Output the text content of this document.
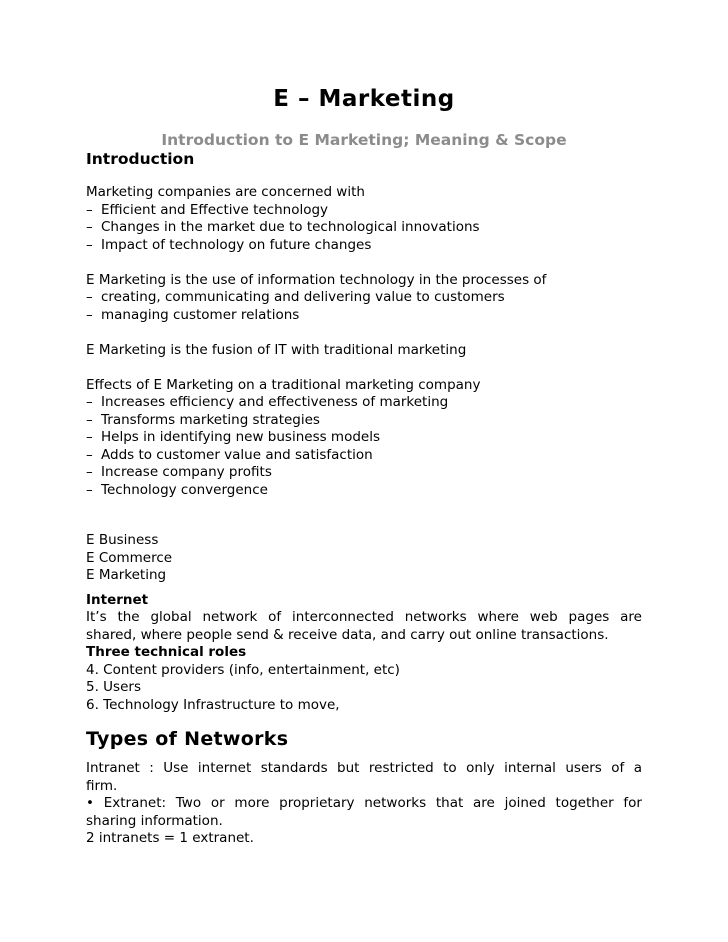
E – Marketing
Introduction to E Marketing; Meaning & Scope
Introduction
Marketing companies are concerned with
– Efficient and Effective technology
– Changes in the market due to technological innovations
– Impact of technology on future changes
E Marketing is the use of information technology in the processes of
– creating, communicating and delivering value to customers
– managing customer relations
E Marketing is the fusion of IT with traditional marketing
Effects of E Marketing on a traditional marketing company
– Increases efficiency and effectiveness of marketing
– Transforms marketing strategies
– Helps in identifying new business models
– Adds to customer value and satisfaction
– Increase company profits
– Technology convergence
E Business
E Commerce
E Marketing
Internet
It’s the global network of interconnected networks where web pages are
shared, where people send & receive data, and carry out online transactions.
Three technical roles
4. Content providers (info, entertainment, etc)
5. Users
6. Technology Infrastructure to move,
Types of Networks
Intranet : Use internet standards but restricted to only internal users of a
firm.
• Extranet: Two or more proprietary networks that are joined together for
sharing information.
2 intranets = 1 extranet.
